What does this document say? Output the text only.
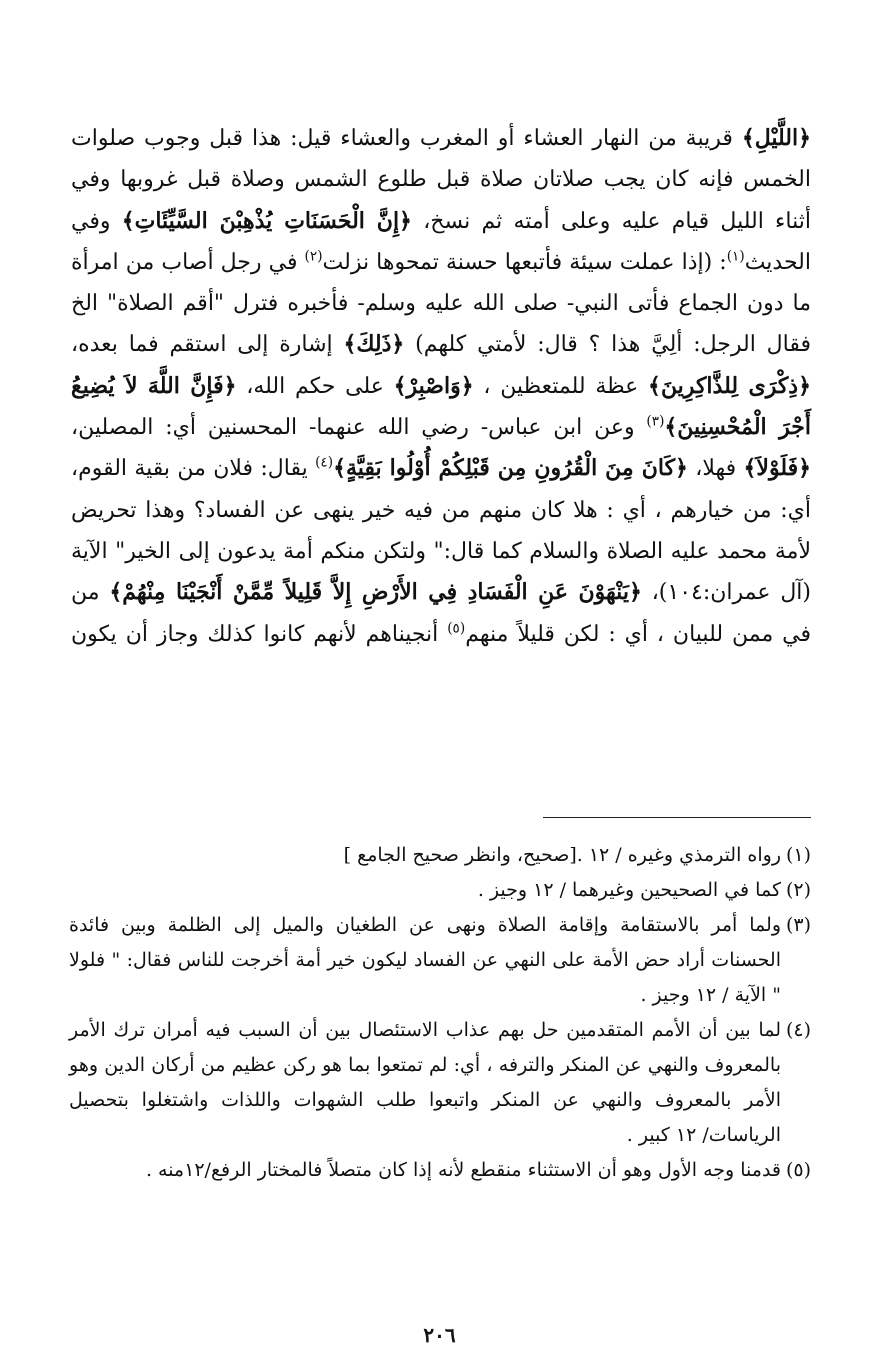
﴿اللَّيْلِ﴾ قريبة من النهار العشاء أو المغرب والعشاء قيل: هذا قبل وجوب صلوات الخمس فإنه كان يجب صلاتان صلاة قبل طلوع الشمس وصلاة قبل غروبها وفي أثناء الليل قيام عليه وعلى أمته ثم نسخ، ﴿إِنَّ الْحَسَنَاتِ يُذْهِبْنَ السَّيِّئَاتِ﴾ وفي الحديث$^{(١)}$: (إذا عملت سيئة فأتبعها حسنة تمحوها نزلت$^{(٢)}$ في رجل أصاب من امرأة ما دون الجماع فأتى النبي- صلى الله عليه وسلم- فأخبره فترل "أقم الصلاة" الخ فقال الرجل: ألِيَّ هذا ؟ قال: لأمتي كلهم) ﴿ذَلِكَ﴾ إشارة إلى استقم فما بعده، ﴿ذِكْرَى لِلذَّاكِرِينَ﴾ عظة للمتعظين ، ﴿وَاصْبِرْ﴾ على حكم الله، ﴿فَإِنَّ اللَّهَ لاَ يُضِيعُ أَجْرَ الْمُحْسِنِينَ﴾$^{(٣)}$ وعن ابن عباس- رضي الله عنهما- المحسنين أي: المصلين، ﴿فَلَوْلاَ﴾ فهلا، ﴿كَانَ مِنَ الْقُرُونِ مِن قَبْلِكُمْ أُوْلُوا بَقِيَّةٍ﴾$^{(٤)}$ يقال: فلان من بقية القوم، أي: من خيارهم ، أي : هلا كان منهم من فيه خير ينهى عن الفساد؟ وهذا تحريض لأمة محمد عليه الصلاة والسلام كما قال:" ولتكن منكم أمة يدعون إلى الخير" الآية (آل عمران:١٠٤)، ﴿يَنْهَوْنَ عَنِ الْفَسَادِ فِي الأَرْضِ إِلاَّ قَلِيلاً مِّمَّنْ أَنْجَيْنَا مِنْهُمْ﴾ من في ممن للبيان ، أي : لكن قليلاً منهم$^{(٥)}$ أنجيناهم لأنهم كانوا كذلك وجاز أن يكون

(١)
رواه الترمذي وغيره / ١٢ .[صحيح، وانظر صحيح الجامع ]
(٢)
كما في الصحيحين وغيرهما / ١٢ وجيز .
(٣)
ولما أمر بالاستقامة وإقامة الصلاة ونهى عن الطغيان والميل إلى الظلمة وبين فائدة الحسنات أراد حض الأمة على النهي عن الفساد ليكون خير أمة أخرجت للناس فقال: " فلولا " الآية / ١٢ وجيز .
(٤)
لما بين أن الأمم المتقدمين حل بهم عذاب الاستئصال بين أن السبب فيه أمران ترك الأمر بالمعروف والنهي عن المنكر والترفه ، أي: لم تمتعوا بما هو ركن عظيم من أركان الدين وهو الأمر بالمعروف والنهي عن المنكر واتبعوا طلب الشهوات واللذات واشتغلوا بتحصيل الرياسات/ ١٢ كبير .
(٥)
قدمنا وجه الأول وهو أن الاستثناء منقطع لأنه إذا كان متصلاً فالمختار الرفع/١٢منه .
٢٠٦
